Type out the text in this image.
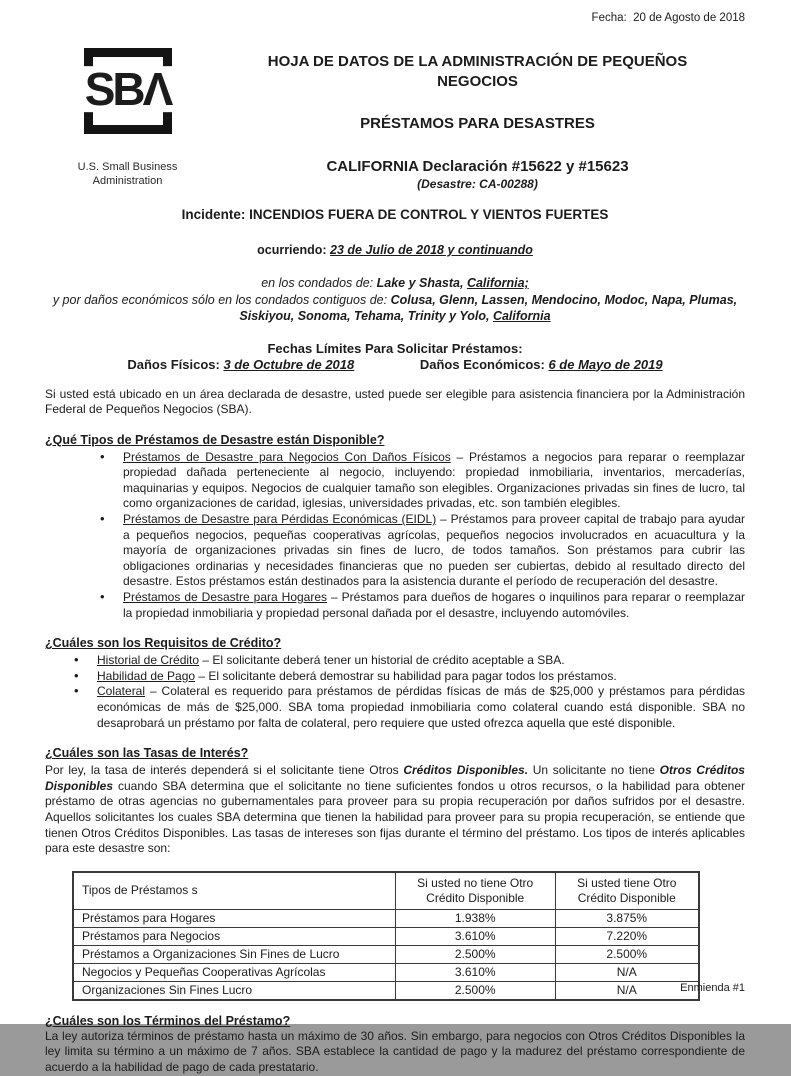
Fecha:  20 de Agosto de 2018
SBΛ
U.S. Small Business
Administration
HOJA DE DATOS DE LA ADMINISTRACIÓN DE PEQUEÑOS NEGOCIOS
PRÉSTAMOS PARA DESASTRES
CALIFORNIA Declaración #15622 y #15623
(Desastre: CA-00288)
Incidente: INCENDIOS FUERA DE CONTROL Y VIENTOS FUERTES
ocurriendo: 23 de Julio de 2018 y continuando
en los condados de: Lake y Shasta, California;
y por daños económicos sólo en los condados contiguos de: Colusa, Glenn, Lassen, Mendocino, Modoc, Napa, Plumas, Siskiyou, Sonoma, Tehama, Trinity y Yolo, California
Fechas Límites Para Solicitar Préstamos:
Daños Físicos: 3 de Octubre de 2018	Daños Económicos: 6 de Mayo de 2019
Si usted está ubicado en un área declarada de desastre, usted puede ser elegible para asistencia financiera por la Administración Federal de Pequeños Negocios (SBA).
¿Qué Tipos de Préstamos de Desastre están Disponible?
• Préstamos de Desastre para Negocios Con Daños Físicos – Préstamos a negocios para reparar o reemplazar propiedad dañada perteneciente al negocio, incluyendo: propiedad inmobiliaria, inventarios, mercaderías, maquinarias y equipos. Negocios de cualquier tamaño son elegibles. Organizaciones privadas sin fines de lucro, tal como organizaciones de caridad, iglesias, universidades privadas, etc. son también elegibles.
• Préstamos de Desastre para Pérdidas Económicas (EIDL) – Préstamos para proveer capital de trabajo para ayudar a pequeños negocios, pequeñas cooperativas agrícolas, pequeños negocios involucrados en acuacultura y la mayoría de organizaciones privadas sin fines de lucro, de todos tamaños. Son préstamos para cubrir las obligaciones ordinarias y necesidades financieras que no pueden ser cubiertas, debido al resultado directo del desastre. Estos préstamos están destinados para la asistencia durante el período de recuperación del desastre.
• Préstamos de Desastre para Hogares – Préstamos para dueños de hogares o inquilinos para reparar o reemplazar la propiedad inmobiliaria y propiedad personal dañada por el desastre, incluyendo automóviles.
¿Cuáles son los Requisitos de Crédito?
• Historial de Crédito – El solicitante deberá tener un historial de crédito aceptable a SBA.
• Habilidad de Pago – El solicitante deberá demostrar su habilidad para pagar todos los préstamos.
• Colateral – Colateral es requerido para préstamos de pérdidas físicas de más de $25,000 y préstamos para pérdidas económicas de más de $25,000. SBA toma propiedad inmobiliaria como colateral cuando está disponible. SBA no desaprobará un préstamo por falta de colateral, pero requiere que usted ofrezca aquella que esté disponible.
¿Cuáles son las Tasas de Interés?
Por ley, la tasa de interés dependerá si el solicitante tiene Otros Créditos Disponibles. Un solicitante no tiene Otros Créditos Disponibles cuando SBA determina que el solicitante no tiene suficientes fondos u otros recursos, o la habilidad para obtener préstamo de otras agencias no gubernamentales para proveer para su propia recuperación por daños sufridos por el desastre. Aquellos solicitantes los cuales SBA determina que tienen la habilidad para proveer para su propia recuperación, se entiende que tienen Otros Créditos Disponibles. Las tasas de intereses son fijas durante el término del préstamo. Los tipos de interés aplicables para este desastre son:
Tipos de Préstamos s	Si usted no tiene Otro Crédito Disponible	Si usted tiene Otro Crédito Disponible
Préstamos para Hogares	1.938%	3.875%
Préstamos para Negocios	3.610%	7.220%
Préstamos a Organizaciones Sin Fines de Lucro	2.500%	2.500%
Negocios y Pequeñas Cooperativas Agrícolas	3.610%	N/A
Organizaciones Sin Fines Lucro	2.500%	N/A
¿Cuáles son los Términos del Préstamo?
La ley autoriza términos de préstamo hasta un máximo de 30 años. Sin embargo, para negocios con Otros Créditos Disponibles la ley limita su término a un máximo de 7 años. SBA establece la cantidad de pago y la madurez del préstamo correspondiente de acuerdo a la habilidad de pago de cada prestatario.
Enmienda #1
